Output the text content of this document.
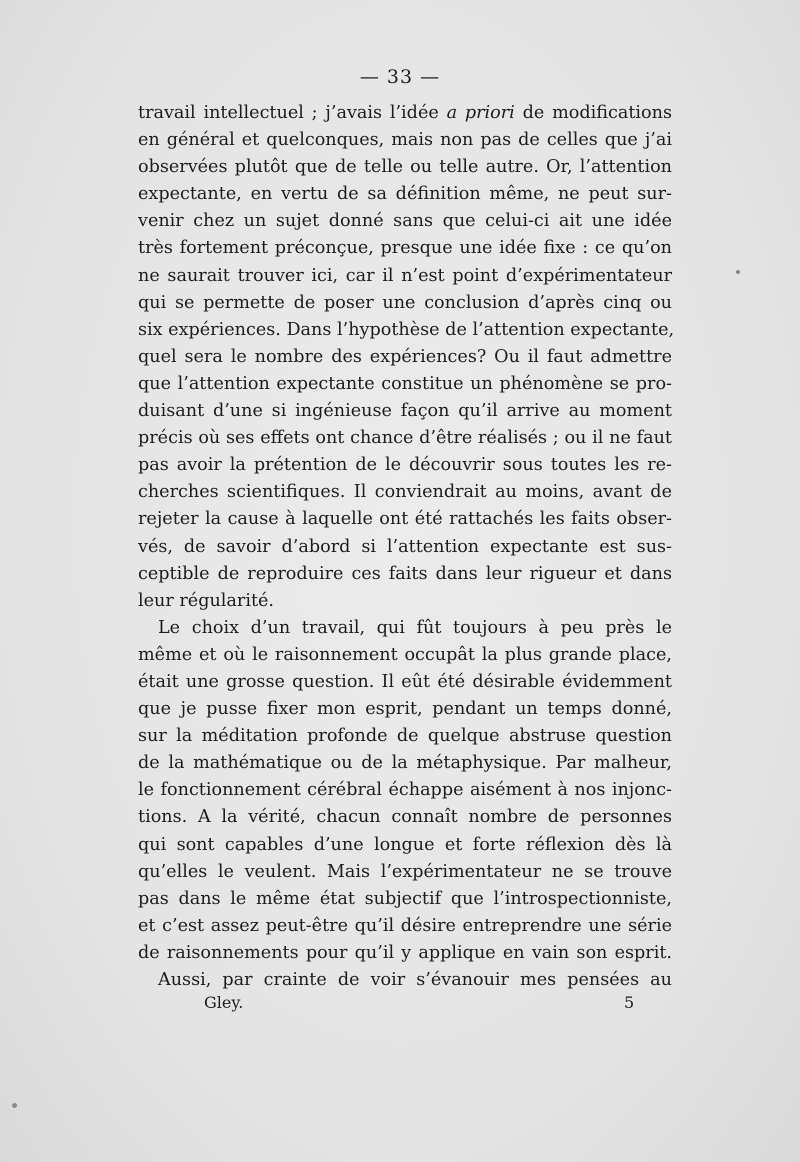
— 33 —
travail intellectuel ; j’avais l’idée a priori de modifications
en général et quelconques, mais non pas de celles que j’ai
observées plutôt que de telle ou telle autre. Or, l’attention
expectante, en vertu de sa définition même, ne peut sur-
venir chez un sujet donné sans que celui-ci ait une idée
très fortement préconçue, presque une idée fixe : ce qu’on
ne saurait trouver ici, car il n’est point d’expérimentateur
qui se permette de poser une conclusion d’après cinq ou
six expériences. Dans l’hypothèse de l’attention expectante,
quel sera le nombre des expériences? Ou il faut admettre
que l’attention expectante constitue un phénomène se pro-
duisant d’une si ingénieuse façon qu’il arrive au moment
précis où ses effets ont chance d’être réalisés ; ou il ne faut
pas avoir la prétention de le découvrir sous toutes les re-
cherches scientifiques. Il conviendrait au moins, avant de
rejeter la cause à laquelle ont été rattachés les faits obser-
vés, de savoir d’abord si l’attention expectante est sus-
ceptible de reproduire ces faits dans leur rigueur et dans
leur régularité.
Le choix d’un travail, qui fût toujours à peu près le
même et où le raisonnement occupât la plus grande place,
était une grosse question. Il eût été désirable évidemment
que je pusse fixer mon esprit, pendant un temps donné,
sur la méditation profonde de quelque abstruse question
de la mathématique ou de la métaphysique. Par malheur,
le fonctionnement cérébral échappe aisément à nos injonc-
tions. A la vérité, chacun connaît nombre de personnes
qui sont capables d’une longue et forte réflexion dès là
qu’elles le veulent. Mais l’expérimentateur ne se trouve
pas dans le même état subjectif que l’introspectionniste,
et c’est assez peut-être qu’il désire entreprendre une série
de raisonnements pour qu’il y applique en vain son esprit.
Aussi, par crainte de voir s’évanouir mes pensées au
Gley.	5
